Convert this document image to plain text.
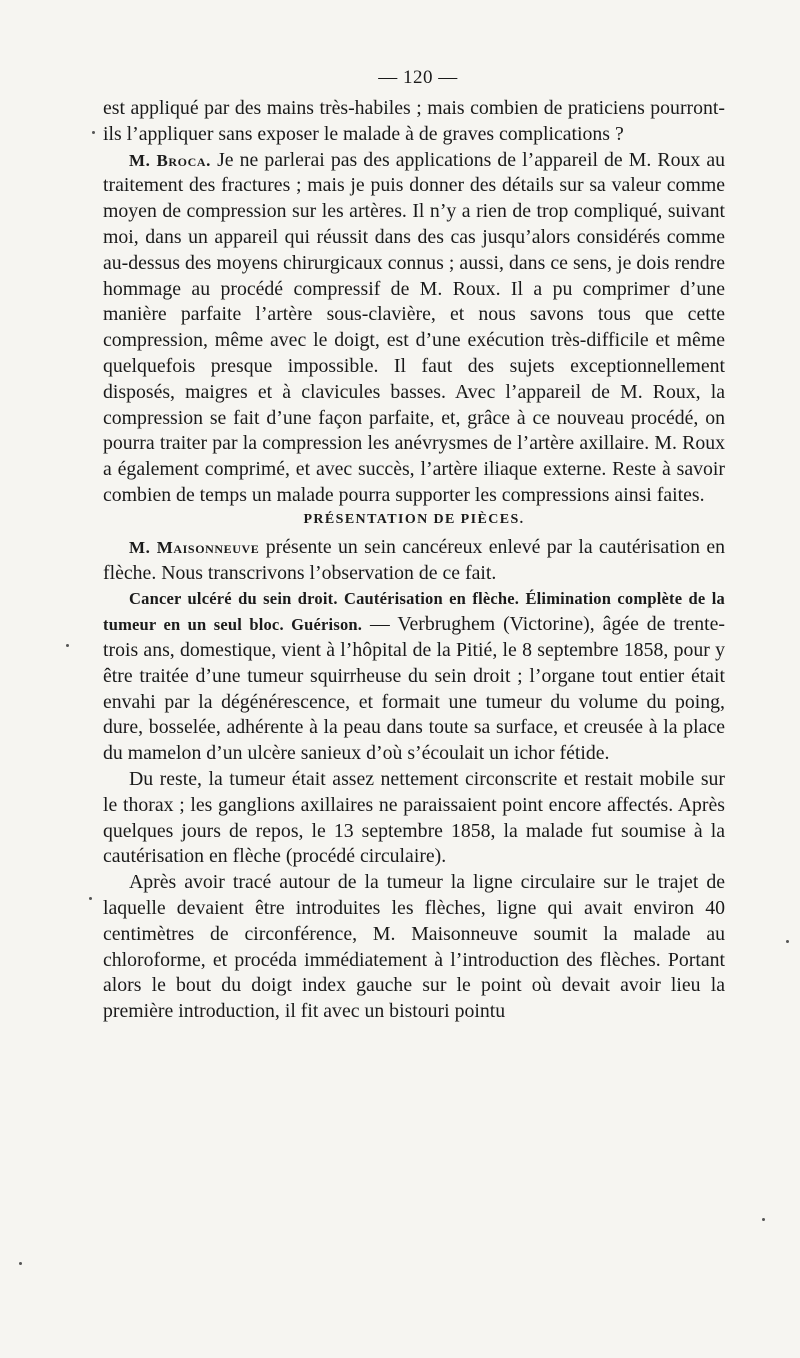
— 120 —

est appliqué par des mains très-habiles ; mais combien de praticiens pourront-ils l’appliquer sans exposer le malade à de graves complications ?

M. Broca. Je ne parlerai pas des applications de l’appareil de M. Roux au traitement des fractures ; mais je puis donner des détails sur sa valeur comme moyen de compression sur les artères. Il n’y a rien de trop compliqué, suivant moi, dans un appareil qui réussit dans des cas jusqu’alors considérés comme au-dessus des moyens chirurgicaux connus ; aussi, dans ce sens, je dois rendre hommage au procédé compressif de M. Roux. Il a pu comprimer d’une manière parfaite l’artère sous-clavière, et nous savons tous que cette compression, même avec le doigt, est d’une exécution très-difficile et même quelquefois presque impossible. Il faut des sujets exceptionnellement disposés, maigres et à clavicules basses. Avec l’appareil de M. Roux, la compression se fait d’une façon parfaite, et, grâce à ce nouveau procédé, on pourra traiter par la compression les anévrysmes de l’artère axillaire. M. Roux a également comprimé, et avec succès, l’artère iliaque externe. Reste à savoir combien de temps un malade pourra supporter les compressions ainsi faites.

PRÉSENTATION DE PIÈCES.

M. Maisonneuve présente un sein cancéreux enlevé par la cautérisation en flèche. Nous transcrivons l’observation de ce fait.

Cancer ulcéré du sein droit. Cautérisation en flèche. Élimination complète de la tumeur en un seul bloc. Guérison. — Verbrughem (Victorine), âgée de trente-trois ans, domestique, vient à l’hôpital de la Pitié, le 8 septembre 1858, pour y être traitée d’une tumeur squirrheuse du sein droit ; l’organe tout entier était envahi par la dégénérescence, et formait une tumeur du volume du poing, dure, bosselée, adhérente à la peau dans toute sa surface, et creusée à la place du mamelon d’un ulcère sanieux d’où s’écoulait un ichor fétide.

Du reste, la tumeur était assez nettement circonscrite et restait mobile sur le thorax ; les ganglions axillaires ne paraissaient point encore affectés. Après quelques jours de repos, le 13 septembre 1858, la malade fut soumise à la cautérisation en flèche (procédé circulaire).

Après avoir tracé autour de la tumeur la ligne circulaire sur le trajet de laquelle devaient être introduites les flèches, ligne qui avait environ 40 centimètres de circonférence, M. Maisonneuve soumit la malade au chloroforme, et procéda immédiatement à l’introduction des flèches. Portant alors le bout du doigt index gauche sur le point où devait avoir lieu la première introduction, il fit avec un bistouri pointu
